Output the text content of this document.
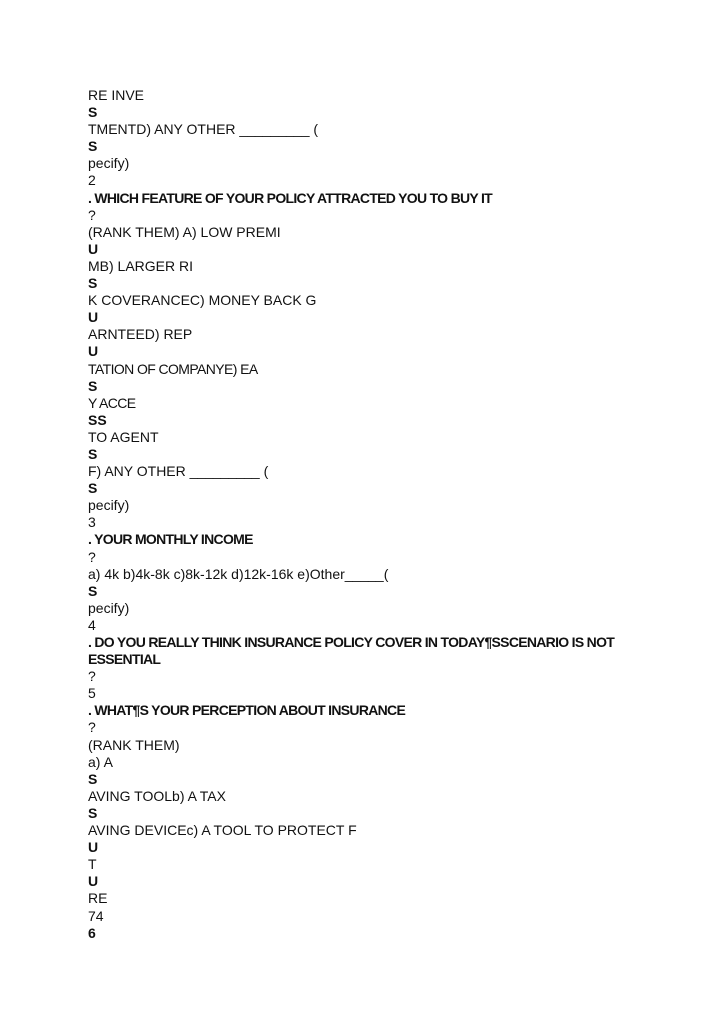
RE INVE
S
TMENTD) ANY OTHER _________ (
S
pecify)
2
. WHICH FEATURE OF YOUR POLICY ATTRACTED YOU TO BUY IT
?
(RANK THEM) A) LOW PREMI
U
MB) LARGER RI
S
K COVERANCEC) MONEY BACK G
U
ARNTEED) REP
U
TATION OF COMPANYE) EA
S
Y ACCE
SS
TO AGENT
S
F) ANY OTHER _________ (
S
pecify)
3
. YOUR MONTHLY INCOME
?
a) 4k b)4k-8k c)8k-12k d)12k-16k e)Other_____(
S
pecify)
4
. DO YOU REALLY THINK INSURANCE POLICY COVER IN TODAY¶SSCENARIO IS NOT
ESSENTIAL
?
5
. WHAT¶S YOUR PERCEPTION ABOUT INSURANCE
?
(RANK THEM)
a) A
S
AVING TOOLb) A TAX
S
AVING DEVICEc) A TOOL TO PROTECT F
U
T
U
RE
74
6
